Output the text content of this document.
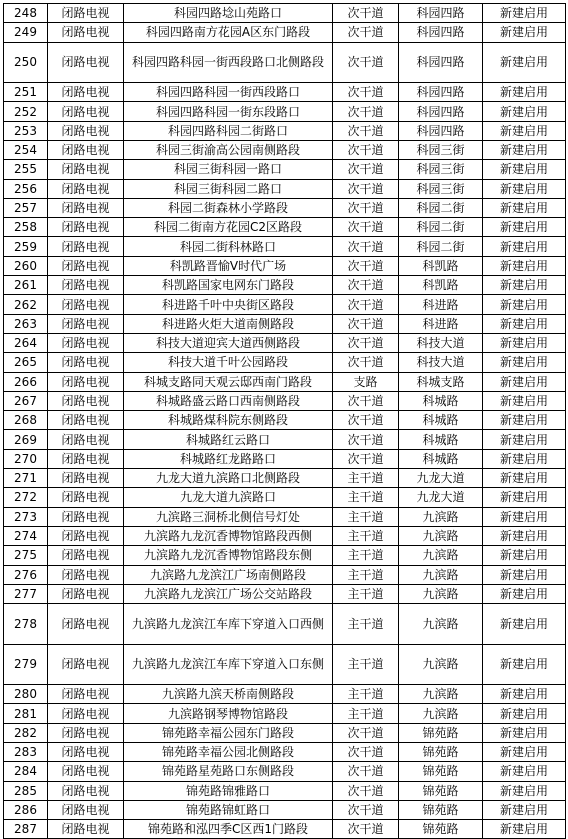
248	闭路电视	科园四路埝山苑路口	次干道	科园四路	新建启用
249	闭路电视	科园四路南方花园A区东门路段	次干道	科园四路	新建启用
250	闭路电视	科园四路科园一街西段路口北侧路段	次干道	科园四路	新建启用
251	闭路电视	科园四路科园一街西段路口	次干道	科园四路	新建启用
252	闭路电视	科园四路科园一街东段路口	次干道	科园四路	新建启用
253	闭路电视	科园四路科园二街路口	次干道	科园四路	新建启用
254	闭路电视	科园三街渝高公园南侧路段	次干道	科园三街	新建启用
255	闭路电视	科园三街科园一路口	次干道	科园三街	新建启用
256	闭路电视	科园三街科园二路口	次干道	科园三街	新建启用
257	闭路电视	科园二街森林小学路段	次干道	科园二街	新建启用
258	闭路电视	科园二街南方花园C2区路段	次干道	科园二街	新建启用
259	闭路电视	科园二街科林路口	次干道	科园二街	新建启用
260	闭路电视	科凯路晋愉V时代广场	次干道	科凯路	新建启用
261	闭路电视	科凯路国家电网东门路段	次干道	科凯路	新建启用
262	闭路电视	科进路千叶中央街区路段	次干道	科进路	新建启用
263	闭路电视	科进路火炬大道南侧路段	次干道	科进路	新建启用
264	闭路电视	科技大道迎宾大道西侧路段	次干道	科技大道	新建启用
265	闭路电视	科技大道千叶公园路段	次干道	科技大道	新建启用
266	闭路电视	科城支路同天观云邸西南门路段	支路	科城支路	新建启用
267	闭路电视	科城路盛云路口西南侧路段	次干道	科城路	新建启用
268	闭路电视	科城路煤科院东侧路段	次干道	科城路	新建启用
269	闭路电视	科城路红云路口	次干道	科城路	新建启用
270	闭路电视	科城路红龙路路口	次干道	科城路	新建启用
271	闭路电视	九龙大道九滨路口北侧路段	主干道	九龙大道	新建启用
272	闭路电视	九龙大道九滨路口	主干道	九龙大道	新建启用
273	闭路电视	九滨路三洞桥北侧信号灯处	主干道	九滨路	新建启用
274	闭路电视	九滨路九龙沉香博物馆路段西侧	主干道	九滨路	新建启用
275	闭路电视	九滨路九龙沉香博物馆路段东侧	主干道	九滨路	新建启用
276	闭路电视	九滨路九龙滨江广场南侧路段	主干道	九滨路	新建启用
277	闭路电视	九滨路九龙滨江广场公交站路段	主干道	九滨路	新建启用
278	闭路电视	九滨路九龙滨江车库下穿道入口西侧	主干道	九滨路	新建启用
279	闭路电视	九滨路九龙滨江车库下穿道入口东侧	主干道	九滨路	新建启用
280	闭路电视	九滨路九滨天桥南侧路段	主干道	九滨路	新建启用
281	闭路电视	九滨路钢琴博物馆路段	主干道	九滨路	新建启用
282	闭路电视	锦苑路幸福公园东门路段	次干道	锦苑路	新建启用
283	闭路电视	锦苑路幸福公园北侧路段	次干道	锦苑路	新建启用
284	闭路电视	锦苑路星苑路口东侧路段	次干道	锦苑路	新建启用
285	闭路电视	锦苑路锦雅路口	次干道	锦苑路	新建启用
286	闭路电视	锦苑路锦虹路口	次干道	锦苑路	新建启用
287	闭路电视	锦苑路和泓四季C区西1门路段	次干道	锦苑路	新建启用
